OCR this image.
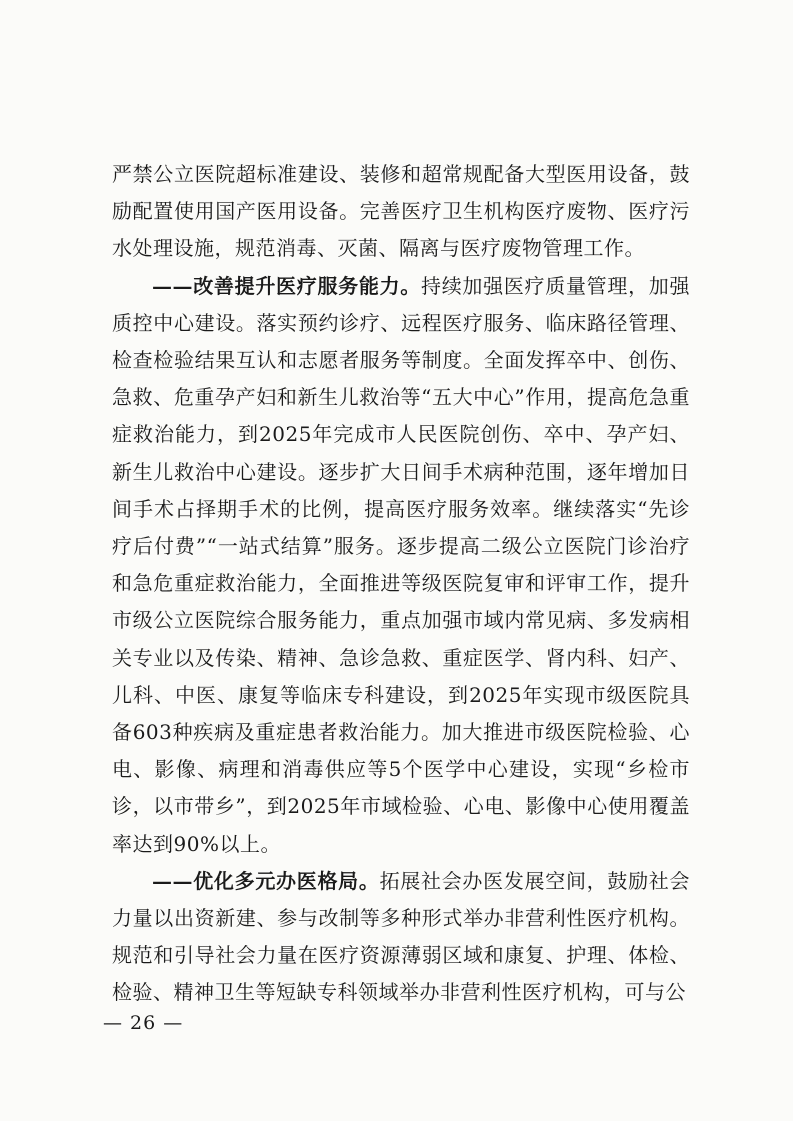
严禁公立医院超标准建设、装修和超常规配备大型医用设备，鼓励配置使用国产医用设备。完善医疗卫生机构医疗废物、医疗污水处理设施，规范消毒、灭菌、隔离与医疗废物管理工作。

——改善提升医疗服务能力。持续加强医疗质量管理，加强质控中心建设。落实预约诊疗、远程医疗服务、临床路径管理、检查检验结果互认和志愿者服务等制度。全面发挥卒中、创伤、急救、危重孕产妇和新生儿救治等“五大中心”作用，提高危急重症救治能力，到2025年完成市人民医院创伤、卒中、孕产妇、新生儿救治中心建设。逐步扩大日间手术病种范围，逐年增加日间手术占择期手术的比例，提高医疗服务效率。继续落实“先诊疗后付费”“一站式结算”服务。逐步提高二级公立医院门诊治疗和急危重症救治能力，全面推进等级医院复审和评审工作，提升市级公立医院综合服务能力，重点加强市域内常见病、多发病相关专业以及传染、精神、急诊急救、重症医学、肾内科、妇产、儿科、中医、康复等临床专科建设，到2025年实现市级医院具备603种疾病及重症患者救治能力。加大推进市级医院检验、心电、影像、病理和消毒供应等5个医学中心建设，实现“乡检市诊，以市带乡”，到2025年市域检验、心电、影像中心使用覆盖率达到90%以上。

——优化多元办医格局。拓展社会办医发展空间，鼓励社会力量以出资新建、参与改制等多种形式举办非营利性医疗机构。规范和引导社会力量在医疗资源薄弱区域和康复、护理、体检、检验、精神卫生等短缺专科领域举办非营利性医疗机构，可与公

— 26 —
